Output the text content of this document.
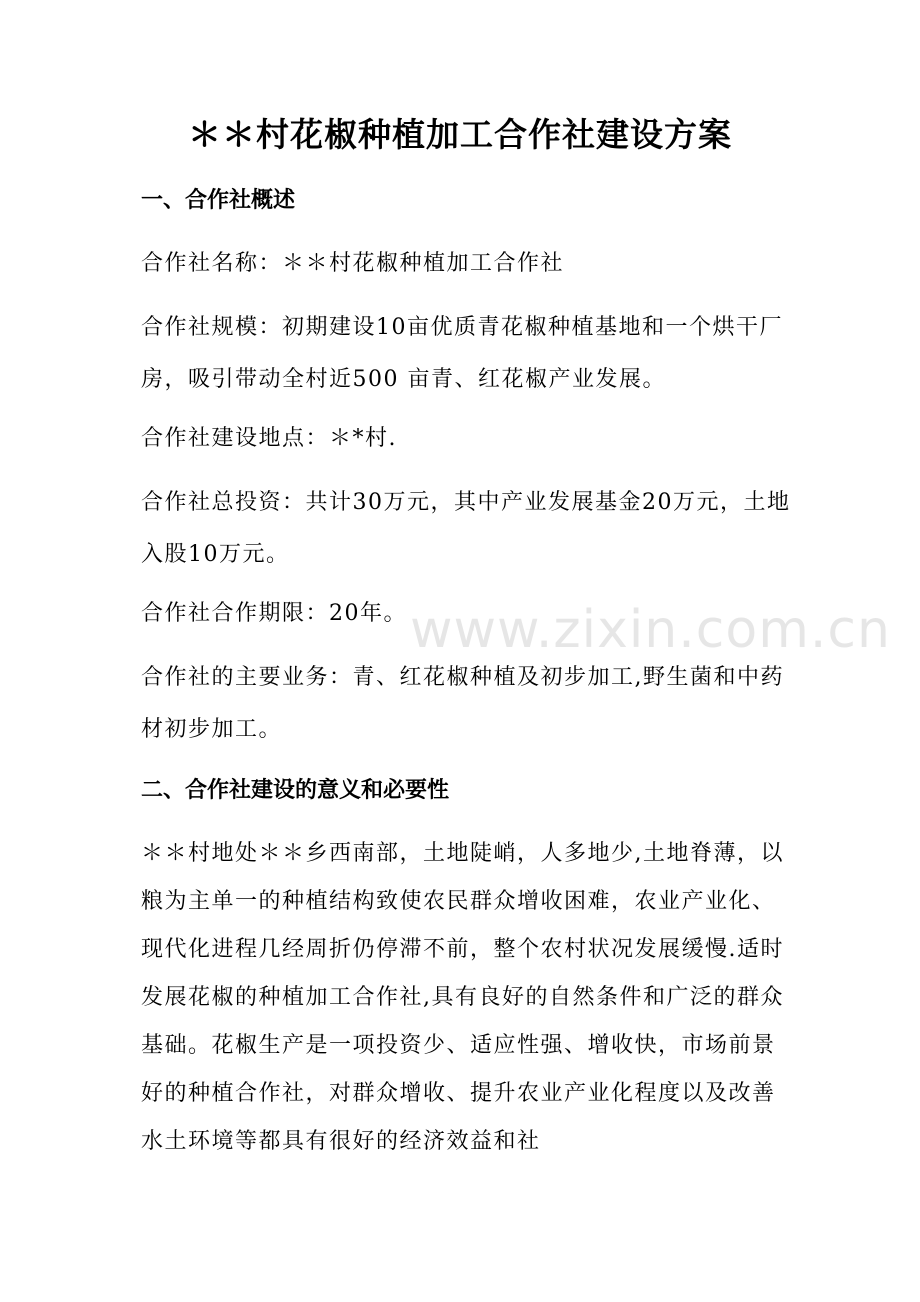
www.zixin.com.cn
＊＊村花椒种植加工合作社建设方案
一、合作社概述

合作社名称：＊＊村花椒种植加工合作社

合作社规模：初期建设10亩优质青花椒种植基地和一个烘干厂房，吸引带动全村近500 亩青、红花椒产业发展。

合作社建设地点：＊*村.

合作社总投资：共计30万元，其中产业发展基金20万元，土地入股10万元。

合作社合作期限：20年。

合作社的主要业务：青、红花椒种植及初步加工,野生菌和中药材初步加工。

二、合作社建设的意义和必要性

＊＊村地处＊＊乡西南部，土地陡峭，人多地少,土地脊薄，以粮为主单一的种植结构致使农民群众增收困难，农业产业化、现代化进程几经周折仍停滞不前，整个农村状况发展缓慢.适时发展花椒的种植加工合作社,具有良好的自然条件和广泛的群众基础。花椒生产是一项投资少、适应性强、增收快，市场前景好的种植合作社，对群众增收、提升农业产业化程度以及改善水土环境等都具有很好的经济效益和社
